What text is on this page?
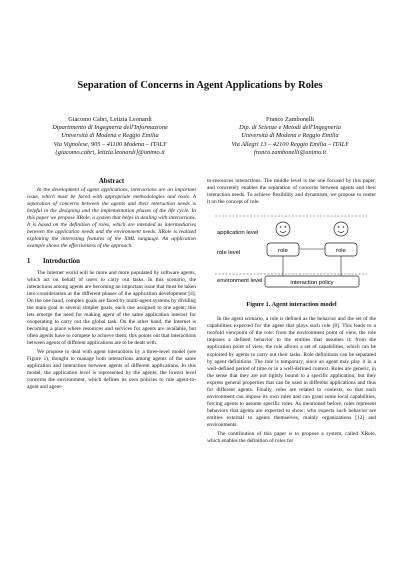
Separation of Concerns in Agent Applications by Roles
Giacomo Cabri, Letizia Leonardi
Dipartimento di Ingegneria dell'Informazione
Università di Modena e Reggio Emilia
Via Vignolese, 905 – 41100 Modena – ITALY
{giacomo.cabri, letizia.leonardi}@unimo.it
Franco Zambonelli
Dip. di Scienze e Metodi dell'Ingegneria
Università di Modena e Reggio Emilia
Via Allegri 13 – 42100 Reggio Emilia – ITALY
franco.zambonelli@unimo.it
Abstract

In the development of agent applications, interactions are an important issue, which must be faced with appropriate methodologies and tools. A separation of concerns between the agents and their interaction needs is helpful in the designing and the implementation phases of the life cycle. In this paper we propose XRole, a system that helps in dealing with interactions. It is based on the definition of roles, which are intended as intermediaries between the application needs and the environment needs. XRole is realized exploiting the interesting features of the XML language. An application example shows the effectiveness of the approach.

1 Introduction

The Internet world will be more and more populated by software agents, which act on behalf of users to carry out tasks. In this scenario, the interactions among agents are becoming an important issue that must be taken into consideration at the different phases of the application development [4]. On the one hand, complex goals are faced by multi-agent systems by dividing the main goal in several simpler goals, each one assigned to one agent; this lets emerge the need for making agent of the same application interact for cooperating to carry out the global task. On the other hand, the Internet is becoming a place where resources and services for agents are available, but often agents have to compete to achieve them; this points out that interactions between agents of different applications are to be dealt with.

We propose to deal with agent interactions by a three-level model (see Figure 1), thought to manage both interactions among agents of the same application and interaction between agents of different applications. In this model, the application level is represented by the agents; the lowest level concerns the environment, which defines its own policies to rule agent-to-agent and agent-

to-resources interactions. The middle level is the one focused by this paper, and concretely enables the separation of concerns between agents and their interaction needs. To achieve flexibility and dynamism, we propose to center it on the concept of role.

application level
role level
environment level
role	role
interaction policy
Figure 1. Agent interaction model

In the agent scenario, a role is defined as the behavior and the set of the capabilities expected for the agent that plays such role [8]. This leads to a twofold viewpoint of the role: from the environment point of view, the role imposes a defined behavior to the entities that assumes it; from the application point of view, the role allows a set of capabilities, which can be exploited by agents to carry out their tasks. Role definitions can be separated by agent definitions. The role is temporary, since an agent may play it in a well-defined period of time or in a well-defined context. Roles are generic, in the sense that they are not tightly bound to a specific application, but they express general properties that can be used in different applications and thus for different agents. Finally, roles are related to contexts, so that each environment can impose its own rules and can grant some local capabilities, forcing agents to assume specific roles. As mentioned before, roles represent behaviors that agents are expected to show; who expects such behavior are entities external to agents themselves, mainly organizations [12] and environments.

The contribution of this paper is to propose a system, called XRole, which enables the definition of roles for
